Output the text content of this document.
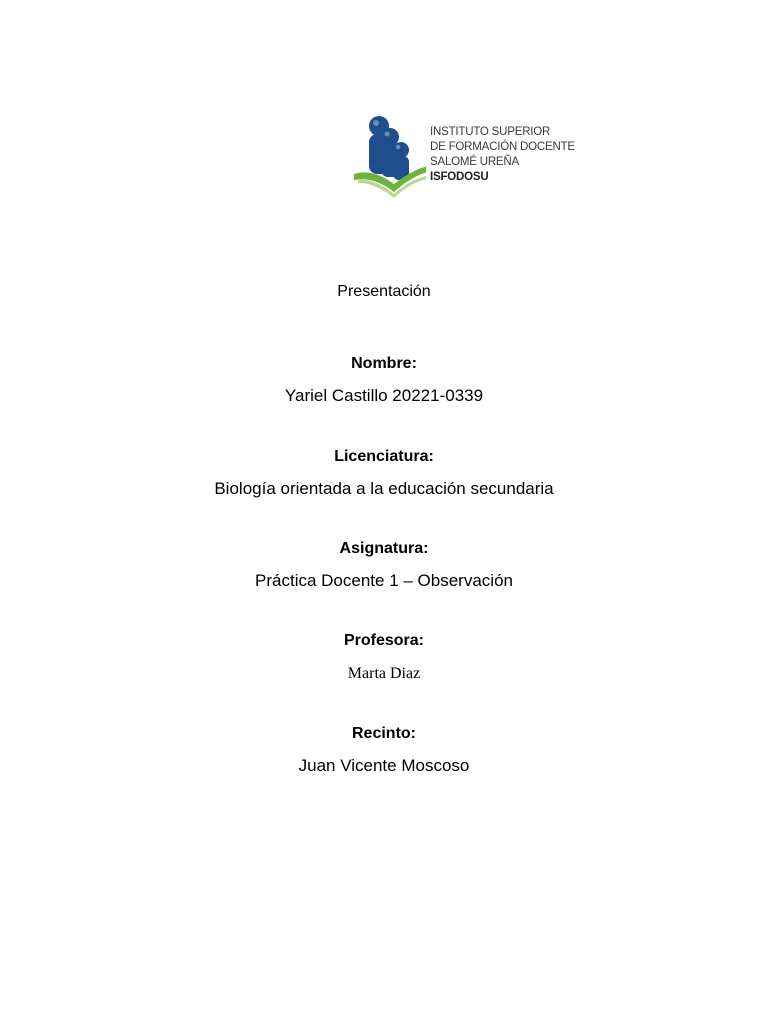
INSTITUTO SUPERIOR
DE FORMACIÓN DOCENTE
SALOMÉ UREÑA
ISFODOSU
Presentación
Nombre:
Yariel Castillo 20221-0339
Licenciatura:
Biología orientada a la educación secundaria
Asignatura:
Práctica Docente 1 – Observación
Profesora:
Marta Diaz
Recinto:
Juan Vicente Moscoso
